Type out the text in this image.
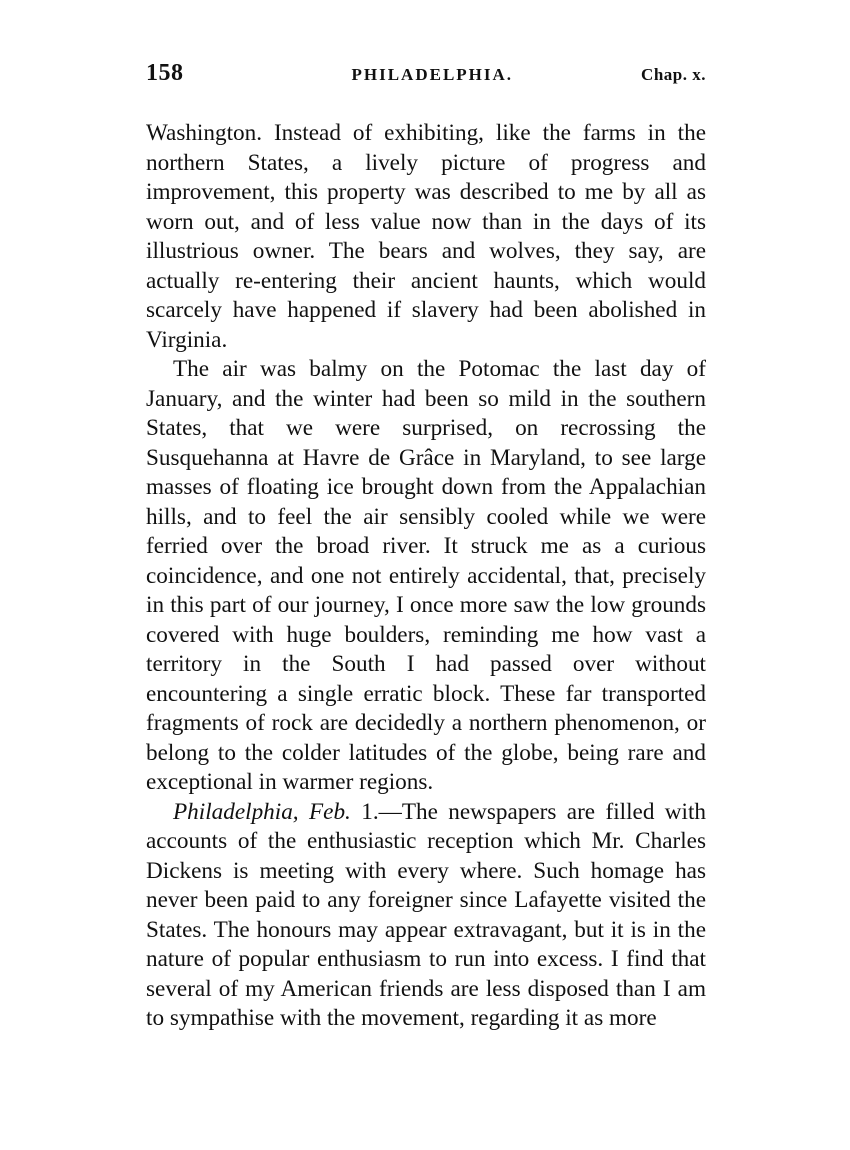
158	PHILADELPHIA.	Chap. x.

Washington. Instead of exhibiting, like the farms in the northern States, a lively picture of progress and improvement, this property was described to me by all as worn out, and of less value now than in the days of its illustrious owner. The bears and wolves, they say, are actually re-entering their ancient haunts, which would scarcely have happened if slavery had been abolished in Virginia.

The air was balmy on the Potomac the last day of January, and the winter had been so mild in the southern States, that we were surprised, on recrossing the Susquehanna at Havre de Grâce in Maryland, to see large masses of floating ice brought down from the Appalachian hills, and to feel the air sensibly cooled while we were ferried over the broad river. It struck me as a curious coincidence, and one not entirely accidental, that, precisely in this part of our journey, I once more saw the low grounds covered with huge boulders, reminding me how vast a territory in the South I had passed over without encountering a single erratic block. These far transported fragments of rock are decidedly a northern phenomenon, or belong to the colder latitudes of the globe, being rare and exceptional in warmer regions.

Philadelphia, Feb. 1.—The newspapers are filled with accounts of the enthusiastic reception which Mr. Charles Dickens is meeting with every where. Such homage has never been paid to any foreigner since Lafayette visited the States. The honours may appear extravagant, but it is in the nature of popular enthusiasm to run into excess. I find that several of my American friends are less disposed than I am to sympathise with the movement, regarding it as more
